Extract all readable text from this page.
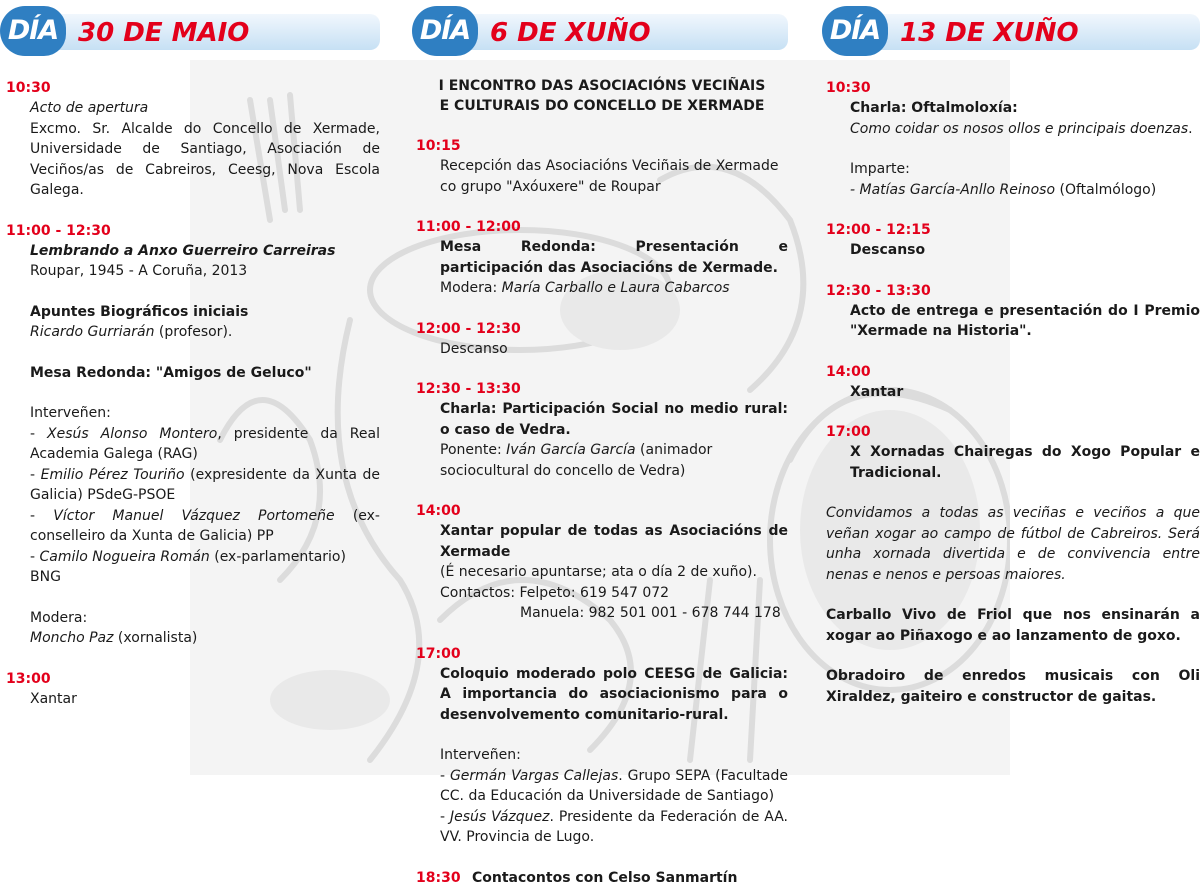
DÍA 30 DE MAIO
10:30
Acto de apertura
Excmo. Sr. Alcalde do Concello de Xermade, Universidade de Santiago, Asociación de Veciños/as de Cabreiros, Ceesg, Nova Escola Galega.
11:00 - 12:30
Lembrando a Anxo Guerreiro Carreiras
Roupar, 1945 - A Coruña, 2013
Apuntes Biográficos iniciais
Ricardo Gurriarán (profesor).
Mesa Redonda: "Amigos de Geluco"
Interveñen:
- Xesús Alonso Montero, presidente da Real Academia Galega (RAG)
- Emilio Pérez Touriño (expresidente da Xunta de Galicia) PSdeG-PSOE
- Víctor Manuel Vázquez Portomeñe (ex-conselleiro da Xunta de Galicia) PP
- Camilo Nogueira Román (ex-parlamentario) BNG
Modera:
Moncho Paz (xornalista)
13:00
Xantar
DÍA 6 DE XUÑO
I ENCONTRO DAS ASOCIACIÓNS VECIÑAIS E CULTURAIS DO CONCELLO DE XERMADE
10:15
Recepción das Asociacións Veciñais de Xermade co grupo "Axóuxere" de Roupar
11:00 - 12:00
Mesa Redonda: Presentación e participación das Asociacións de Xermade.
Modera: María Carballo e Laura Cabarcos
12:00 - 12:30
Descanso
12:30 - 13:30
Charla: Participación Social no medio rural: o caso de Vedra.
Ponente: Iván García García (animador sociocultural do concello de Vedra)
14:00
Xantar popular de todas as Asociacións de Xermade
(É necesario apuntarse; ata o día 2 de xuño).
Contactos: Felpeto: 619 547 072
Manuela: 982 501 001 - 678 744 178
17:00
Coloquio moderado polo CEESG de Galicia: A importancia do asociacionismo para o desenvolvemento comunitario-rural.
Interveñen:
- Germán Vargas Callejas. Grupo SEPA (Facultade CC. da Educación da Universidade de Santiago)
- Jesús Vázquez. Presidente da Federación de AA. VV. Provincia de Lugo.
18:30 Contacontos con Celso Sanmartín
DÍA 13 DE XUÑO
10:30
Charla: Oftalmoloxía:
Como coidar os nosos ollos e principais doenzas.
Imparte:
- Matías García-Anllo Reinoso (Oftalmólogo)
12:00 - 12:15
Descanso
12:30 - 13:30
Acto de entrega e presentación do I Premio "Xermade na Historia".
14:00
Xantar
17:00
X Xornadas Chairegas do Xogo Popular e Tradicional.
Convidamos a todas as veciñas e veciños a que veñan xogar ao campo de fútbol de Cabreiros. Será unha xornada divertida e de convivencia entre nenas e nenos e persoas maiores.
Carballo Vivo de Friol que nos ensinarán a xogar ao Piñaxogo e ao lanzamento de goxo.
Obradoiro de enredos musicais con Oli Xiraldez, gaiteiro e constructor de gaitas.
